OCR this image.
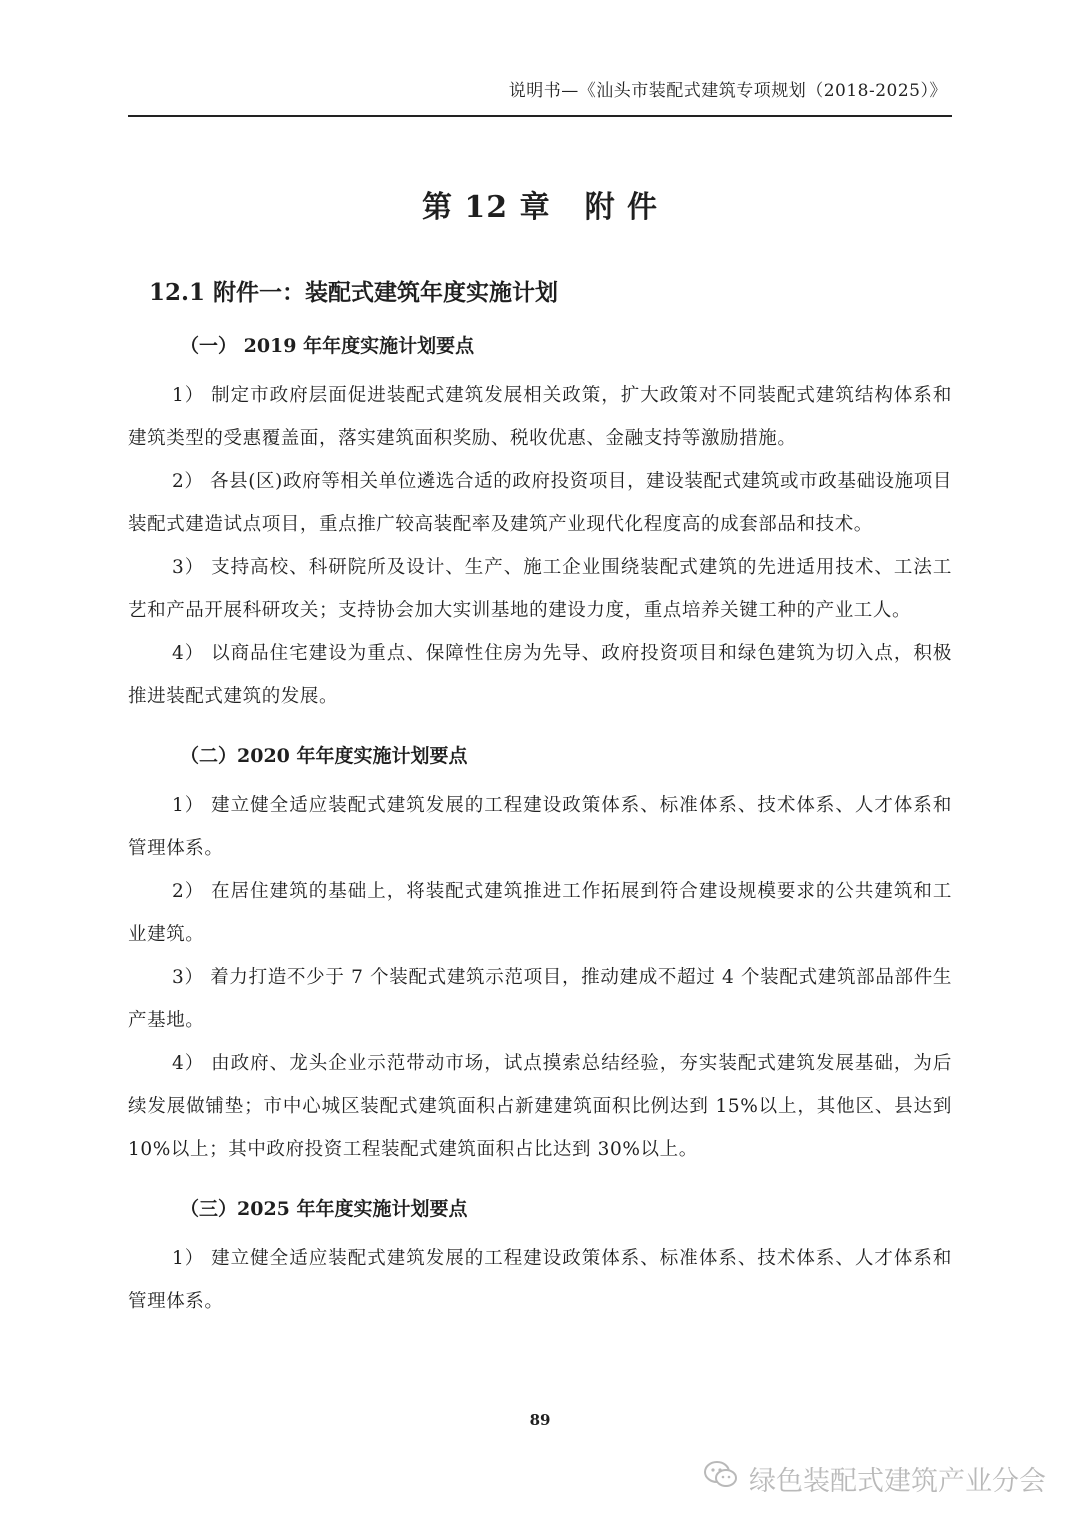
说明书—《汕头市装配式建筑专项规划（2018-2025）》
第 12 章 附 件
12.1 附件一：装配式建筑年度实施计划
（一） 2019 年年度实施计划要点

1） 制定市政府层面促进装配式建筑发展相关政策，扩大政策对不同装配式建筑结构体系和建筑类型的受惠覆盖面，落实建筑面积奖励、税收优惠、金融支持等激励措施。

2） 各县(区)政府等相关单位遴选合适的政府投资项目，建设装配式建筑或市政基础设施项目装配式建造试点项目，重点推广较高装配率及建筑产业现代化程度高的成套部品和技术。

3） 支持高校、科研院所及设计、生产、施工企业围绕装配式建筑的先进适用技术、工法工艺和产品开展科研攻关；支持协会加大实训基地的建设力度，重点培养关键工种的产业工人。

4） 以商品住宅建设为重点、保障性住房为先导、政府投资项目和绿色建筑为切入点，积极推进装配式建筑的发展。

（二）2020 年年度实施计划要点

1） 建立健全适应装配式建筑发展的工程建设政策体系、标准体系、技术体系、人才体系和管理体系。

2） 在居住建筑的基础上，将装配式建筑推进工作拓展到符合建设规模要求的公共建筑和工业建筑。

3） 着力打造不少于 7 个装配式建筑示范项目，推动建成不超过 4 个装配式建筑部品部件生产基地。

4） 由政府、龙头企业示范带动市场，试点摸索总结经验，夯实装配式建筑发展基础，为后续发展做铺垫；市中心城区装配式建筑面积占新建建筑面积比例达到 15%以上，其他区、县达到 10%以上；其中政府投资工程装配式建筑面积占比达到 30%以上。

（三）2025 年年度实施计划要点

1） 建立健全适应装配式建筑发展的工程建设政策体系、标准体系、技术体系、人才体系和管理体系。

89
绿色装配式建筑产业分会
